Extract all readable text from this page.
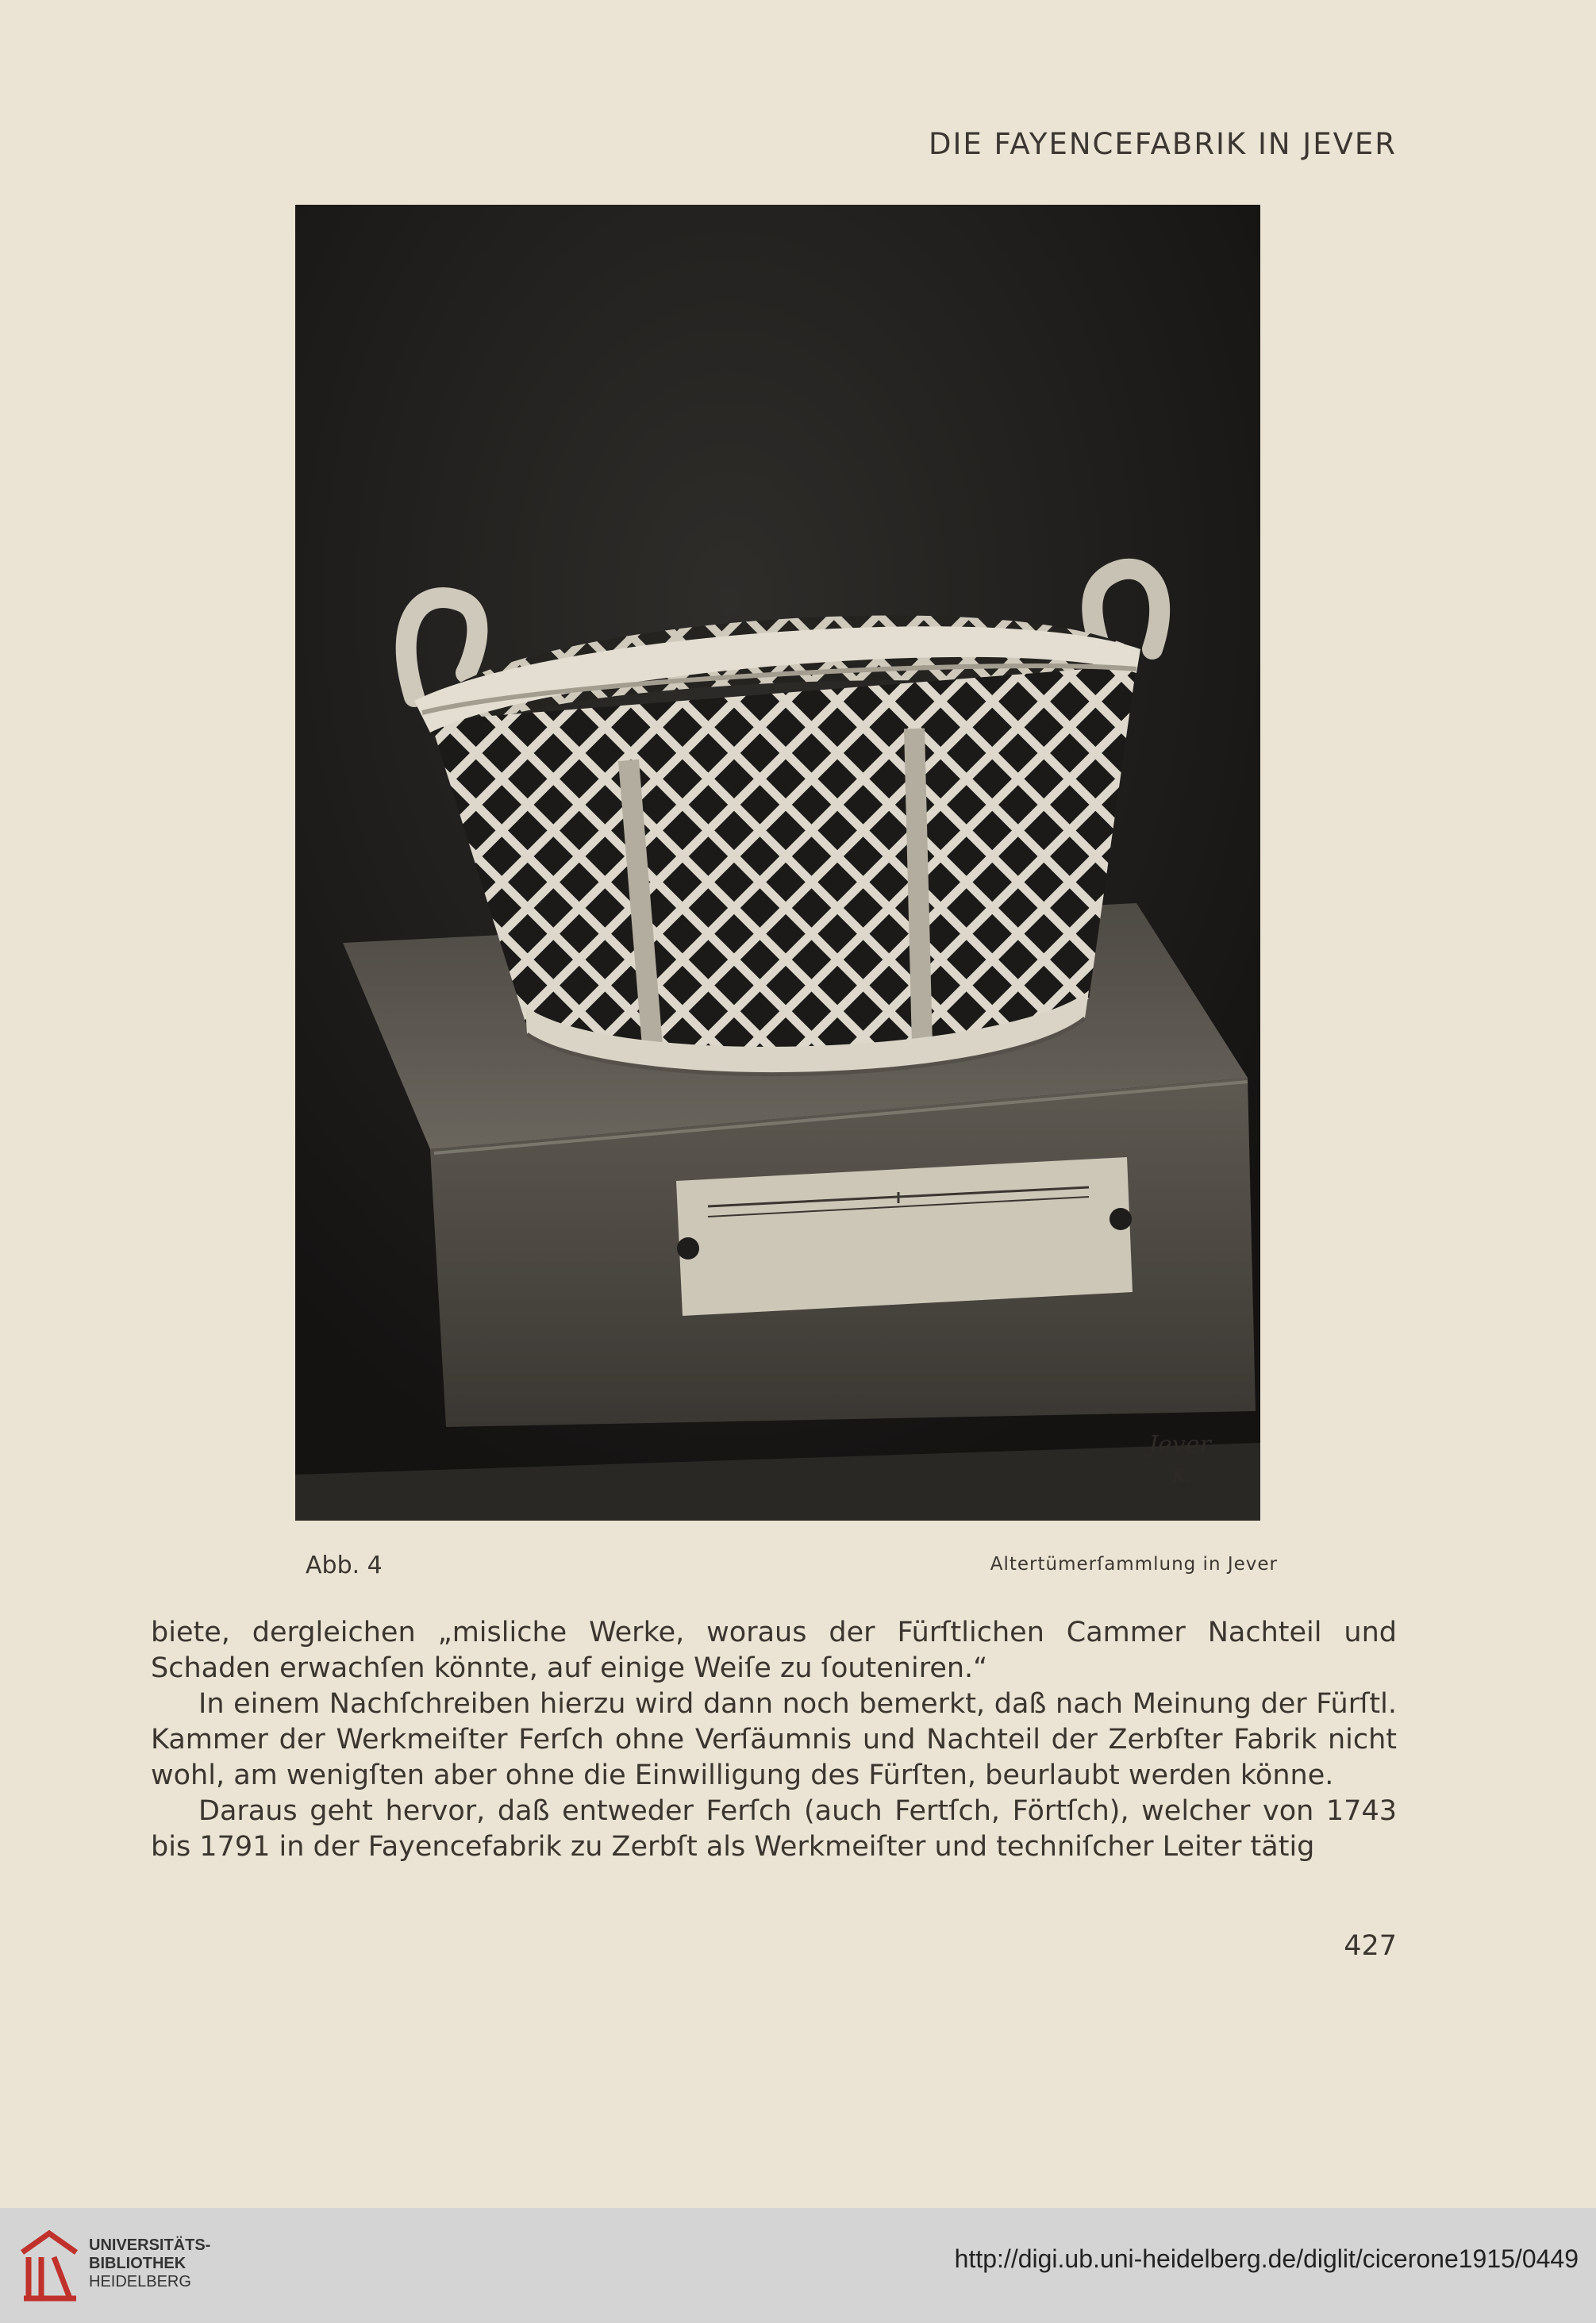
DIE FAYENCEFABRIK IN JEVER
Jever
K.
Abb. 4	Altertümerſammlung in Jever

biete, dergleichen „misliche Werke, woraus der Fürſtlichen Cammer Nachteil und Schaden erwachſen könnte, auf einige Weiſe zu ſouteniren.“

In einem Nachſchreiben hierzu wird dann noch bemerkt, daß nach Meinung der Fürſtl. Kammer der Werkmeiſter Ferſch ohne Verſäumnis und Nachteil der Zerbſter Fabrik nicht wohl, am wenigſten aber ohne die Einwilligung des Fürſten, beurlaubt werden könne.

Daraus geht hervor, daß entweder Ferſch (auch Fertſch, Förtſch), welcher von 1743 bis 1791 in der Fayencefabrik zu Zerbſt als Werkmeiſter und techniſcher Leiter tätig

427
UNIVERSITÄTS-
BIBLIOTHEK
HEIDELBERG
http://digi.ub.uni-heidelberg.de/diglit/cicerone1915/0449
